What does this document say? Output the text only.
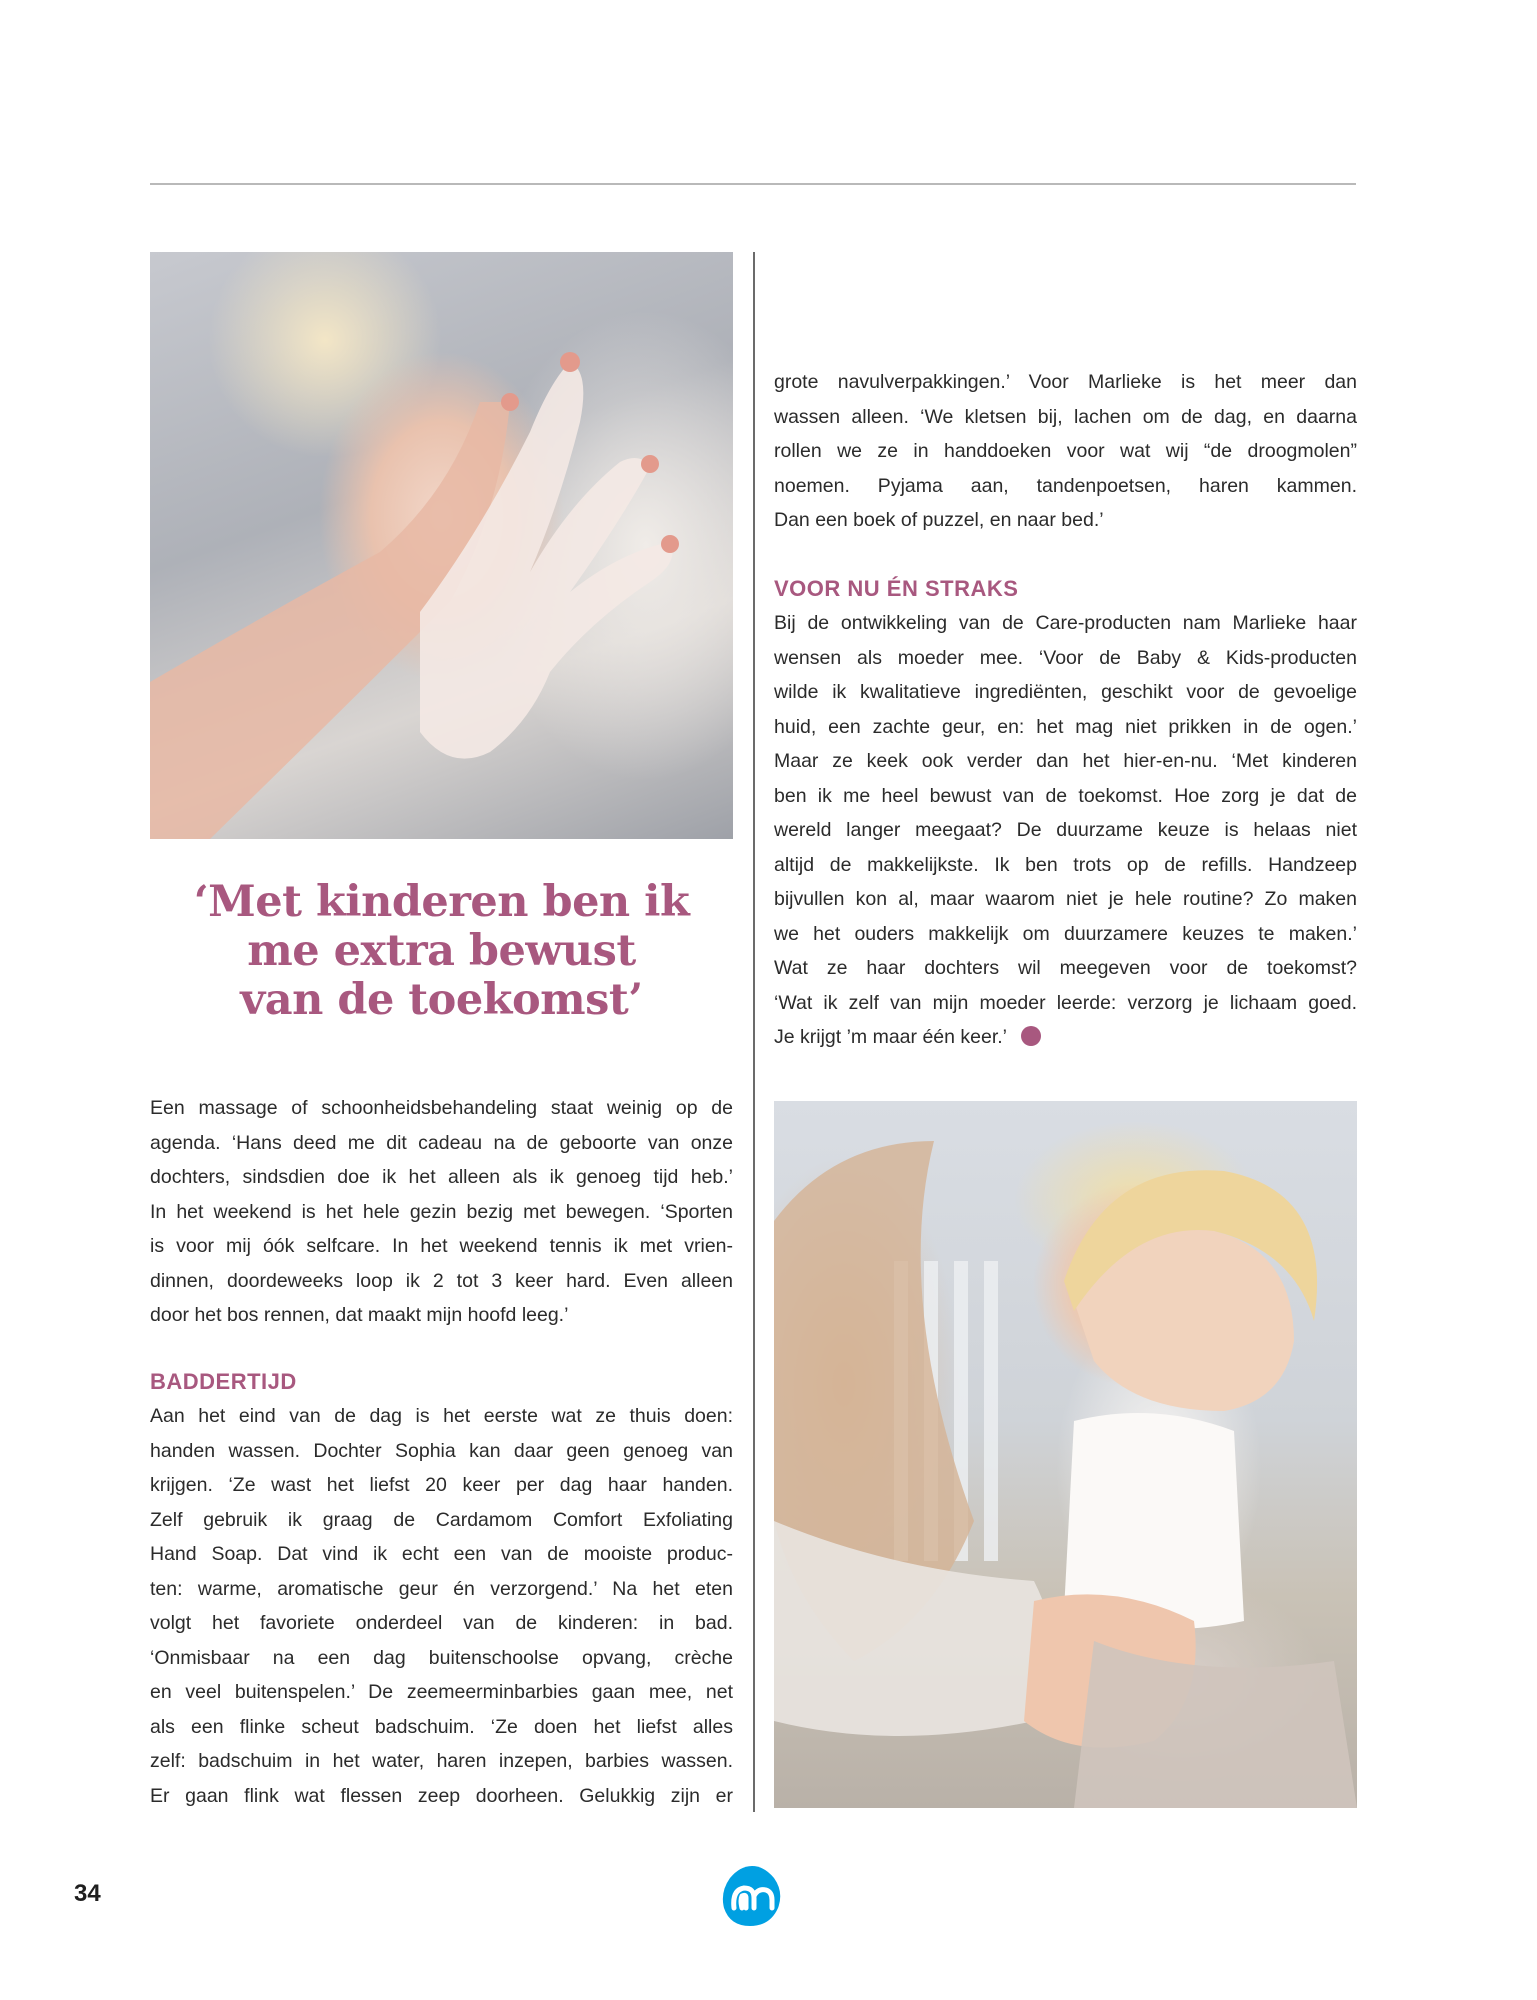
‘Met kinderen ben ik
me extra bewust
van de toekomst’

Een massage of schoonheidsbehandeling staat weinig op de

agenda. ‘Hans deed me dit cadeau na de geboorte van onze

dochters, sindsdien doe ik het alleen als ik genoeg tijd heb.’

In het weekend is het hele gezin bezig met bewegen. ‘Sporten

is voor mij óók selfcare. In het weekend tennis ik met vrien-

dinnen, doordeweeks loop ik 2 tot 3 keer hard. Even alleen

door het bos rennen, dat maakt mijn hoofd leeg.’

BADDERTIJD

Aan het eind van de dag is het eerste wat ze thuis doen:

handen wassen. Dochter Sophia kan daar geen genoeg van

krijgen. ‘Ze wast het liefst 20 keer per dag haar handen.

Zelf gebruik ik graag de Cardamom Comfort Exfoliating

Hand Soap. Dat vind ik echt een van de mooiste produc-

ten: warme, aromatische geur én verzorgend.’ Na het eten

volgt het favoriete onderdeel van de kinderen: in bad.

‘Onmisbaar na een dag buitenschoolse opvang, crèche

en veel buitenspelen.’ De zeemeerminbarbies gaan mee, net

als een flinke scheut badschuim. ‘Ze doen het liefst alles

zelf: badschuim in het water, haren inzepen, barbies wassen.

Er gaan flink wat flessen zeep doorheen. Gelukkig zijn er

grote navulverpakkingen.’ Voor Marlieke is het meer dan

wassen alleen. ‘We kletsen bij, lachen om de dag, en daarna

rollen we ze in handdoeken voor wat wij “de droogmolen”

noemen. Pyjama aan, tandenpoetsen, haren kammen.

Dan een boek of puzzel, en naar bed.’

VOOR NU ÉN STRAKS

Bij de ontwikkeling van de Care-producten nam Marlieke haar

wensen als moeder mee. ‘Voor de Baby & Kids-producten

wilde ik kwalitatieve ingrediënten, geschikt voor de gevoelige

huid, een zachte geur, en: het mag niet prikken in de ogen.’

Maar ze keek ook verder dan het hier-en-nu. ‘Met kinderen

ben ik me heel bewust van de toekomst. Hoe zorg je dat de

wereld langer meegaat? De duurzame keuze is helaas niet

altijd de makkelijkste. Ik ben trots op de refills. Handzeep

bijvullen kon al, maar waarom niet je hele routine? Zo maken

we het ouders makkelijk om duurzamere keuzes te maken.’

Wat ze haar dochters wil meegeven voor de toekomst?

‘Wat ik zelf van mijn moeder leerde: verzorg je lichaam goed.

Je krijgt ’m maar één keer.’

34
